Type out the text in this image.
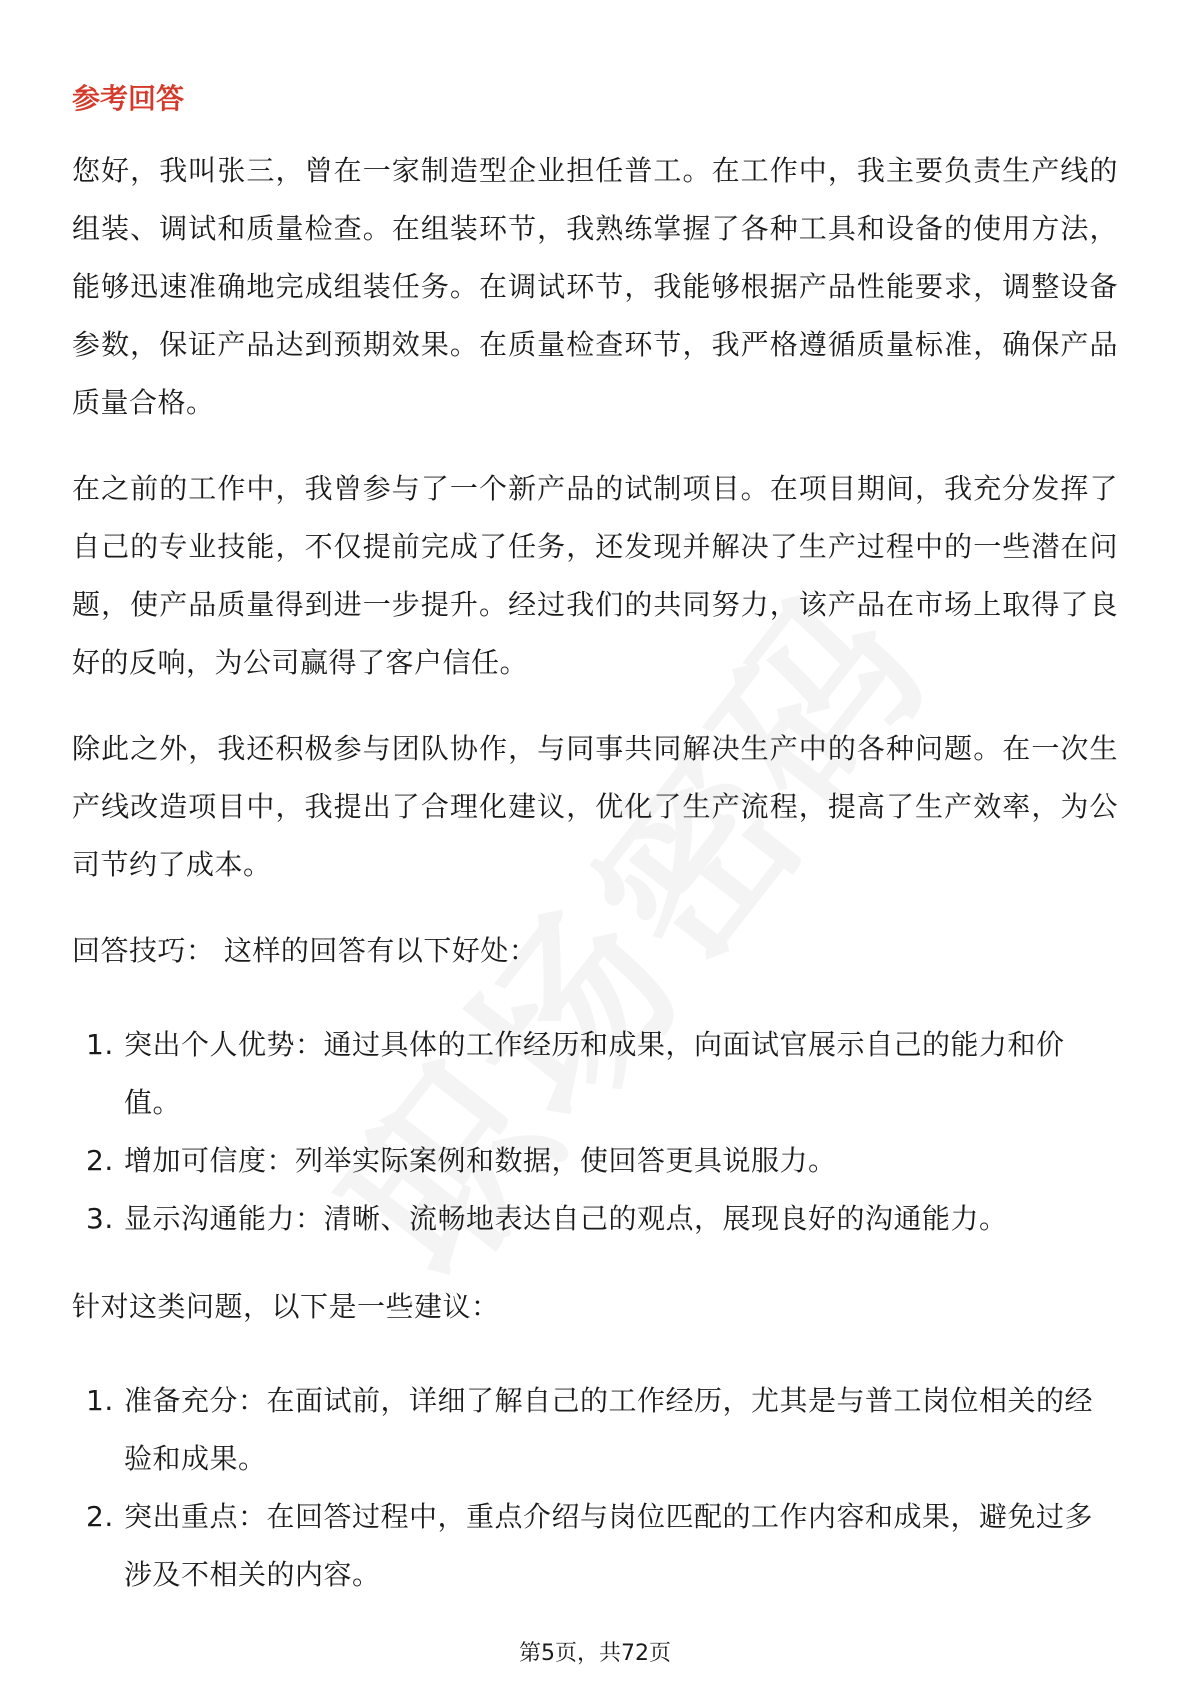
参考回答

您好，我叫张三，曾在一家制造型企业担任普工。在工作中，我主要负责生产线的组装、调试和质量检查。在组装环节，我熟练掌握了各种工具和设备的使用方法，能够迅速准确地完成组装任务。在调试环节，我能够根据产品性能要求，调整设备参数，保证产品达到预期效果。在质量检查环节，我严格遵循质量标准，确保产品质量合格。

在之前的工作中，我曾参与了一个新产品的试制项目。在项目期间，我充分发挥了自己的专业技能，不仅提前完成了任务，还发现并解决了生产过程中的一些潜在问题，使产品质量得到进一步提升。经过我们的共同努力，该产品在市场上取得了良好的反响，为公司赢得了客户信任。

除此之外，我还积极参与团队协作，与同事共同解决生产中的各种问题。在一次生产线改造项目中，我提出了合理化建议，优化了生产流程，提高了生产效率，为公司节约了成本。

回答技巧： 这样的回答有以下好处：

1. 突出个人优势：通过具体的工作经历和成果，向面试官展示自己的能力和价值。
2. 增加可信度：列举实际案例和数据，使回答更具说服力。
3. 显示沟通能力：清晰、流畅地表达自己的观点，展现良好的沟通能力。

针对这类问题，以下是一些建议：

1. 准备充分：在面试前，详细了解自己的工作经历，尤其是与普工岗位相关的经验和成果。
2. 突出重点：在回答过程中，重点介绍与岗位匹配的工作内容和成果，避免过多涉及不相关的内容。
第5页，共72页
